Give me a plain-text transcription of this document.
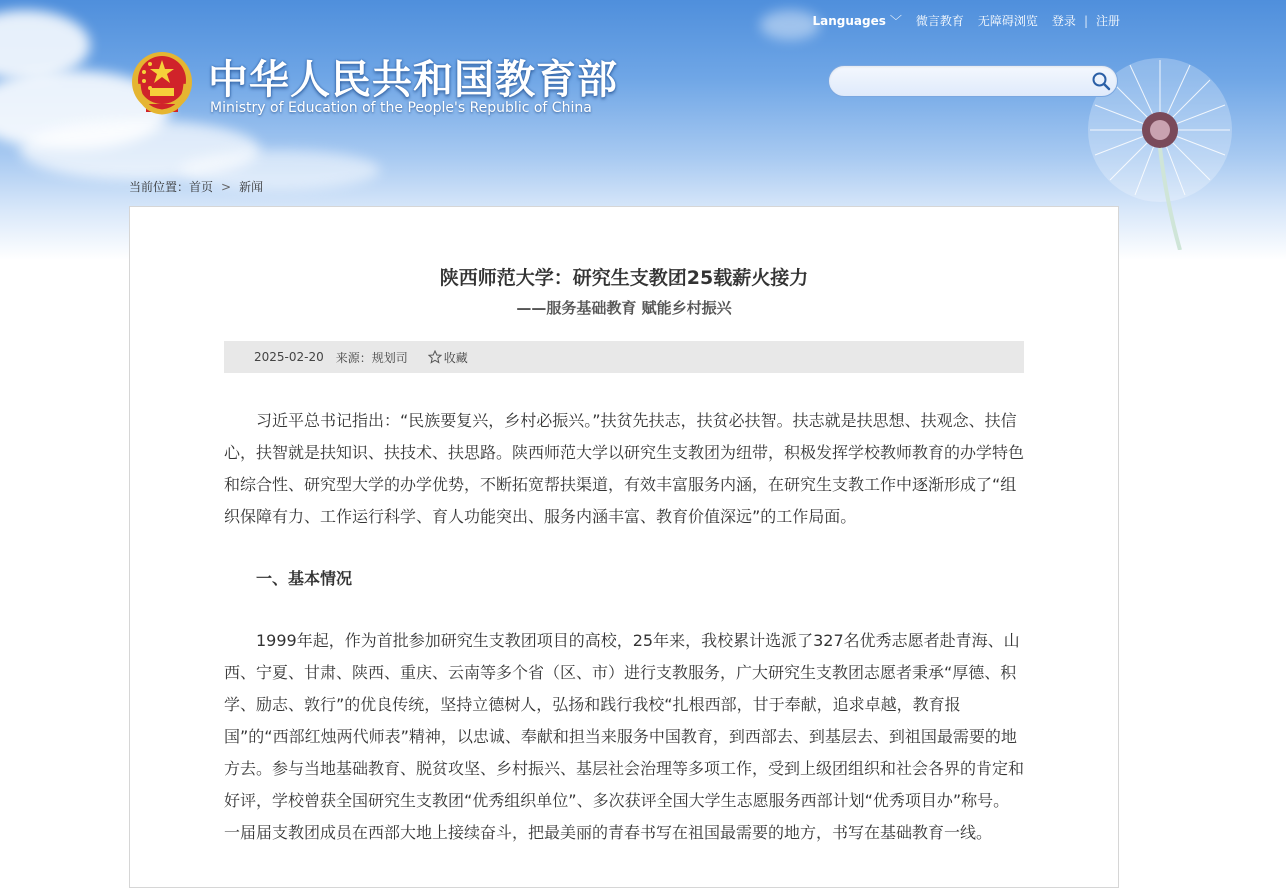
中华人民共和国教育部
Ministry of Education of the People's Republic of China
Languages ﹀ 微言教育 无障碍浏览 登录 | 注册
当前位置：首页 > 新闻
陕西师范大学：研究生支教团25载薪火接力
——服务基础教育 赋能乡村振兴
2025-02-20 来源：规划司	收藏

习近平总书记指出：“民族要复兴，乡村必振兴。”扶贫先扶志，扶贫必扶智。扶志就是扶思想、扶观念、扶信心，扶智就是扶知识、扶技术、扶思路。陕西师范大学以研究生支教团为纽带，积极发挥学校教师教育的办学特色和综合性、研究型大学的办学优势，不断拓宽帮扶渠道，有效丰富服务内涵，在研究生支教工作中逐渐形成了“组织保障有力、工作运行科学、育人功能突出、服务内涵丰富、教育价值深远”的工作局面。

一、基本情况

1999年起，作为首批参加研究生支教团项目的高校，25年来，我校累计选派了327名优秀志愿者赴青海、山西、宁夏、甘肃、陕西、重庆、云南等多个省（区、市）进行支教服务，广大研究生支教团志愿者秉承“厚德、积学、励志、敦行”的优良传统，坚持立德树人，弘扬和践行我校“扎根西部，甘于奉献，追求卓越，教育报国”的“西部红烛两代师表”精神，以忠诚、奉献和担当来服务中国教育，到西部去、到基层去、到祖国最需要的地方去。参与当地基础教育、脱贫攻坚、乡村振兴、基层社会治理等多项工作，受到上级团组织和社会各界的肯定和好评，学校曾获全国研究生支教团“优秀组织单位”、多次获评全国大学生志愿服务西部计划“优秀项目办”称号。一届届支教团成员在西部大地上接续奋斗，把最美丽的青春书写在祖国最需要的地方，书写在基础教育一线。
